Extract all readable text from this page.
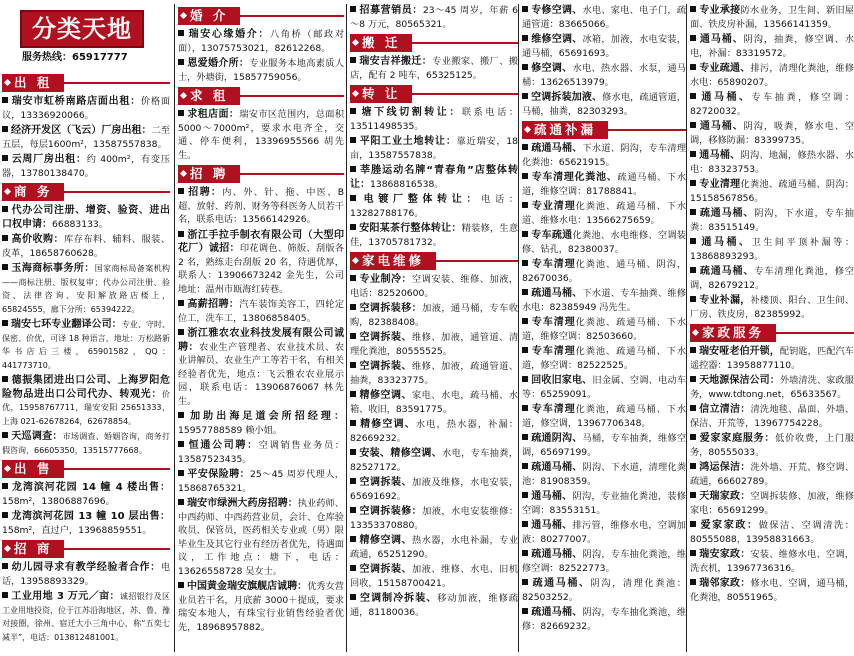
分类天地
服务热线：65917777
出 租
瑞安市虹桥南路店面出租：价格面议，13336920066。
经济开发区（飞云）厂房出租：二至五层，每层1600m²，13587557838。
云周厂房出租：约 400m²，有变压器，13780138470。
商 务
代办公司注册、增资、验资、进出口权申请：66883133。
高价收购：库存布料、辅料、服装、皮革，18658760628。
玉海商标事务所：国家商标局备案机构——商标注册、版权复审；代办公司注册、验资、法律咨询、安阳解放路店楼上，65824555，廊下分所：65394222。
瑞安七环专业翻译公司：专业、守时、保密、价优，可译 18 种语言，地址：万松路新华书店后三楼，65901582，QQ：441773710。
德振集团进出口公司、上海罗阳危险物品进出口公司代办、转观光：价优，15958767711，瑞安安阳 25651333，上海 021-62678264，62678854。
天巡调查：市场调查、婚姻咨询，商务打假咨询，66605350，13515777668。
出 售
龙湾滨河花园 14 幢 4 楼出售：158m²，13806887696。
龙湾滨河花园 13 幢 10 层出售：158m²，直过户，13968859551。
招 商
幼儿园寻求有教学经验者合作：电话，13958893329。
工业用地 3 万元／亩：诚招银行及区工业用地投资，位于江苏沿海地区，苏、鲁、豫对接圈，徐州、宿迁大小三角中心，称“五奕七减半”，电话：013812481001。
婚 介
瑞安心缘婚介：八角桥（邮政对面），13075753021，82612268。
恩爱婚介所：专业服务本地高素质人士，外塘街，15857759056。
求 租
求租店面：瑞安市区范围内，总面积 5000～7000m²，要求水电齐全，交通、停车便利，13396955566 胡先生。
招 聘
招聘：内、外、针、拖、中医、B 超、放射、药剂、财务等科医务人员若干名，联系电话：13566142926。
浙江手拉手制衣有限公司（大型印花厂）诚招：印花调色、筛版、刮版各 2 名，熟练走台刮版 20 名，待遇优厚，联系人：13906673242 金先生，公司地址：温州市瓯海红砖巷。
高薪招聘：汽车装饰美容工，四轮定位工，洗车工，13806858405。
浙江雅农农业科技发展有限公司诚聘：农业生产管理者、农业技术员、农业讲解员、农业生产工等若干名，有相关经验者优先，地点：飞云雅农农业展示园，联系电话：13906876067 林先生。
加助出海足道会所招经理：15957788589 赖小姐。
恒通公司聘：空调销售业务员：13587523435。
平安保险聘：25～45 周岁代理人，15868765321。
瑞安市绿洲大药房招聘：执业药师、中西药师、中西药营业员，会计、仓库验收员、保管员，医药相关专业或（男）限毕业生及其它行业有经历者优先，待遇面议，工作地点：塘下，电话：13626558728 吴女士。
中国黄金瑞安旗舰店诚聘：优秀女营业员若干名，月底薪 3000＋提成，要求瑞安本地人，有珠宝行业销售经验者优先，18968957882。
招募营销员：23～45 周岁，年薪 6～8 万元，80565321。
搬 迁
瑞安吉祥搬迁：专业搬家、搬厂、搬店，配有 2 吨车，65325125。
转 让
塘下线切割转让：联系电话：13511498535。
平阳工业土地转让：靠近瑞安，18 亩，13587557838。
莘塍运动名牌“青春角”店整体转让：13868816538。
电镀厂整体转让：电话：13282788176。
安阳某茶行整体转让：精装修，生意佳，13705781732。
家电维修
专业制冷：空调安装、维修、加液，电话：82520600。
空调拆装移：加液，通马桶，专车收购，82388408。
空调拆装、维修、加液，通管道、清理化粪池，80555525。
空调拆装、维修、加液，疏通管道、抽粪，83323775。
精修空调、家电、水电，疏马桶、水箱、收旧，83591775。
精修空调、水电，热水器，补漏：82669232。
安装、精修空调、水电，专车抽粪，82527172。
空调拆装、加液及维修，水电安装，65691692。
空调拆装修：加液，水电安装维修：13353370880。
精修空调、热水器，水电补漏，专业疏通，65251290。
空调拆装、加液、维修、水电、旧机回收，15158700421。
空调制冷拆装、移动加液，维修疏通，81180036。
专修空调、水电、家电、电子门，疏通管道：83665066。
维修空调、冰箱，加液，水电安装，通马桶，65691693。
修空调、水电、热水器、水泵，通马桶：13626513979。
空调拆装加液、修水电，疏通管道，马桶，抽粪，82303293。
疏通补漏
疏通马桶、下水道、阴沟，专车清理化粪池：65621915。
专车清理化粪池、疏通马桶、下水道，维修空调：81788841。
专业清理化粪池、疏通马桶、下水道、维修水电：13566275659。
专车疏通化粪池、水电维修、空调装修、钻孔，82380037。
专车清理化粪池、通马桶、阴沟，82670036。
疏通马桶、下水道、专车抽粪、维修水电：82385949 冯先生。
专车清理化粪池、疏通马桶、下水道，维修空调：82503660。
专车清理化粪池、疏通马桶、下水道，修空调：82522525。
回收旧家电、旧金属、空调、电动车等：65259091。
专车清理化粪池，疏通马桶、下水道，修空调，13967706348。
疏通阴沟、马桶，专车抽粪，维修空调，65697199。
疏通马桶、阴沟、下水道，清理化粪池：81908359。
通马桶、阴沟，专业抽化粪池，装修空调：83553151。
通马桶、排污管，维修水电，空调加液：80277007。
疏通马桶、阴沟，专车抽化粪池，维修空调：82522773。
疏通马桶、阴沟，清理化粪池：82503252。
疏通马桶、阴沟，专车抽化粪池，维修：82669232。
专业承接防水业务，卫生间、新旧屋面、铁皮房补漏，13566141359。
通马桶、阴沟，抽粪，修空调、水电，补漏：83319572。
专业疏通、排污，清理化粪池，维修水电：65890207。
通马桶、专车抽粪，修空调：82720032。
通马桶、阴沟，吸粪，修水电、空调，移修防漏：83399735。
通马桶、阴沟、地漏，修热水器、水电：83323753。
专业清理化粪池、疏通马桶、阴沟：15158567856。
疏通马桶、阴沟，下水道，专车抽粪：83515149。
通马桶、卫生间平顶补漏等：13868893293。
疏通马桶、专车清理化粪池，修空调，82679212。
专业补漏，补楼顶、阳台、卫生间、厂房、铁皮房，82385992。
家政服务
瑞安哑老伯开锁，配钥匙，匹配汽车遥控器：13958877110。
天地源保洁公司：外墙清洗、家政服务，www.tdtong.net，65633567。
信立清洁：清洗地毯、晶面、外墙、保洁、开荒等，13967754228。
爱家家庭服务：低价收费，上门服务，80555033。
鸿运保洁：洗外墙、开荒、修空调、疏通，66602789。
天瑞家政：空调拆装修、加液，维修家电：65691299。
爱家家政：做保洁、空调清洗：80555088，13958831663。
瑞安家政：安装、维修水电、空调，洗衣机，13967736316。
瑞邻家政：修水电、空调，通马桶，化粪池，80551965。
